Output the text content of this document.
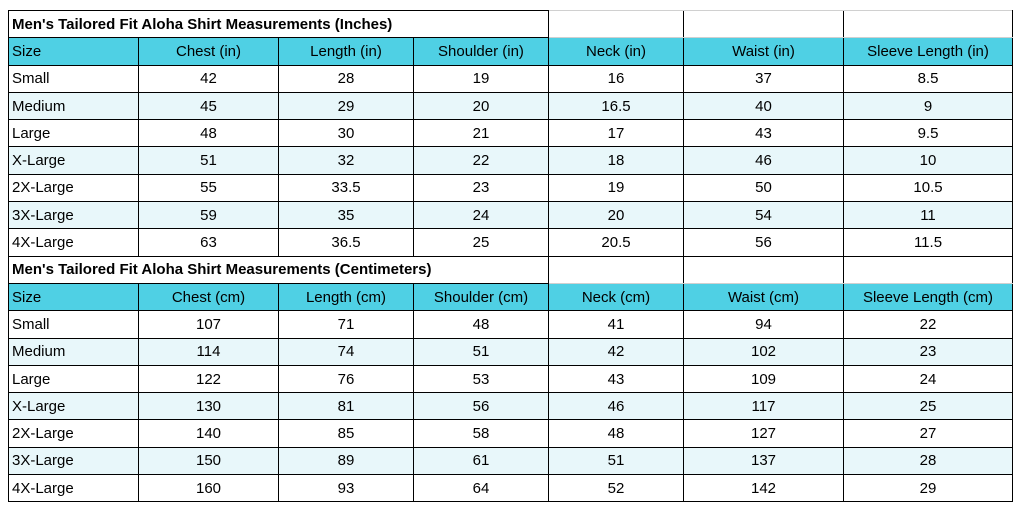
Men's Tailored Fit Aloha Shirt Measurements (Inches)						
Size	Chest (in)	Length (in)	Shoulder (in)	Neck (in)	Waist (in)	Sleeve Length (in)
Small	42	28	19	16	37	8.5
Medium	45	29	20	16.5	40	9
Large	48	30	21	17	43	9.5
X-Large	51	32	22	18	46	10
2X-Large	55	33.5	23	19	50	10.5
3X-Large	59	35	24	20	54	11
4X-Large	63	36.5	25	20.5	56	11.5
Men's Tailored Fit Aloha Shirt Measurements (Centimeters)						
Size	Chest (cm)	Length (cm)	Shoulder (cm)	Neck (cm)	Waist (cm)	Sleeve Length (cm)
Small	107	71	48	41	94	22
Medium	114	74	51	42	102	23
Large	122	76	53	43	109	24
X-Large	130	81	56	46	117	25
2X-Large	140	85	58	48	127	27
3X-Large	150	89	61	51	137	28
4X-Large	160	93	64	52	142	29
